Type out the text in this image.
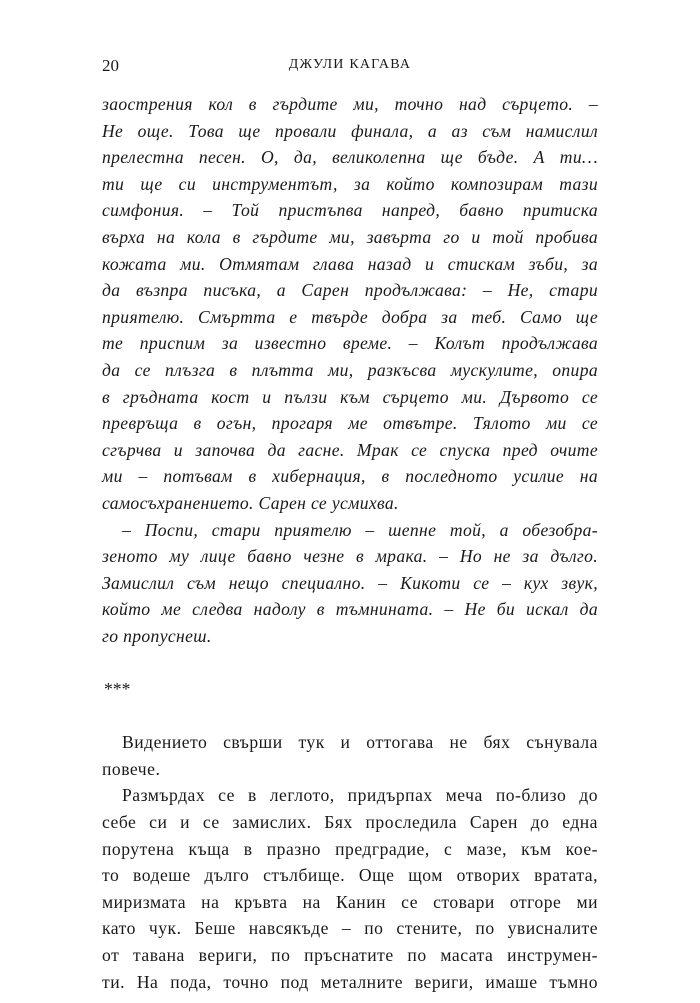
20	ДЖУЛИ КАГАВА
заострения кол в гърдите ми, точно над сърцето. –
Не още. Това ще провали финала, а аз съм намислил
прелестна песен. О, да, великолепна ще бъде. А ти…
ти ще си инструментът, за който композирам тази
симфония. – Той пристъпва напред, бавно притиска
върха на кола в гърдите ми, завърта го и той пробива
кожата ми. Отмятам глава назад и стискам зъби, за
да възпра писъка, а Сарен продължава: – Не, стари
приятелю. Смъртта е твърде добра за теб. Само ще
те приспим за известно време. – Колът продължава
да се плъзга в плътта ми, разкъсва мускулите, опира
в гръдната кост и пълзи към сърцето ми. Дървото се
превръща в огън, прогаря ме отвътре. Тялото ми се
сгърчва и започва да гасне. Мрак се спуска пред очите
ми – потъвам в хибернация, в последното усилие на
самосъхранението. Сарен се усмихва.
– Поспи, стари приятелю – шепне той, а обезобра-
зеното му лице бавно чезне в мрака. – Но не за дълго.
Замислил съм нещо специално. – Кикоти се – кух звук,
който ме следва надолу в тъмнината. – Не би искал да
го пропуснеш.
***
Видението свърши тук и оттогава не бях сънувала
повече.
Размърдах се в леглото, придърпах меча по-близо до
себе си и се замислих. Бях проследила Сарен до една
порутена къща в празно предградие, с мазе, към кое-
то водеше дълго стълбище. Още щом отворих вратата,
миризмата на кръвта на Канин се стовари отгоре ми
като чук. Беше навсякъде – по стените, по увисналите
от тавана вериги, по пръснатите по масата инструмен-
ти. На пода, точно под металните вериги, имаше тъмно
